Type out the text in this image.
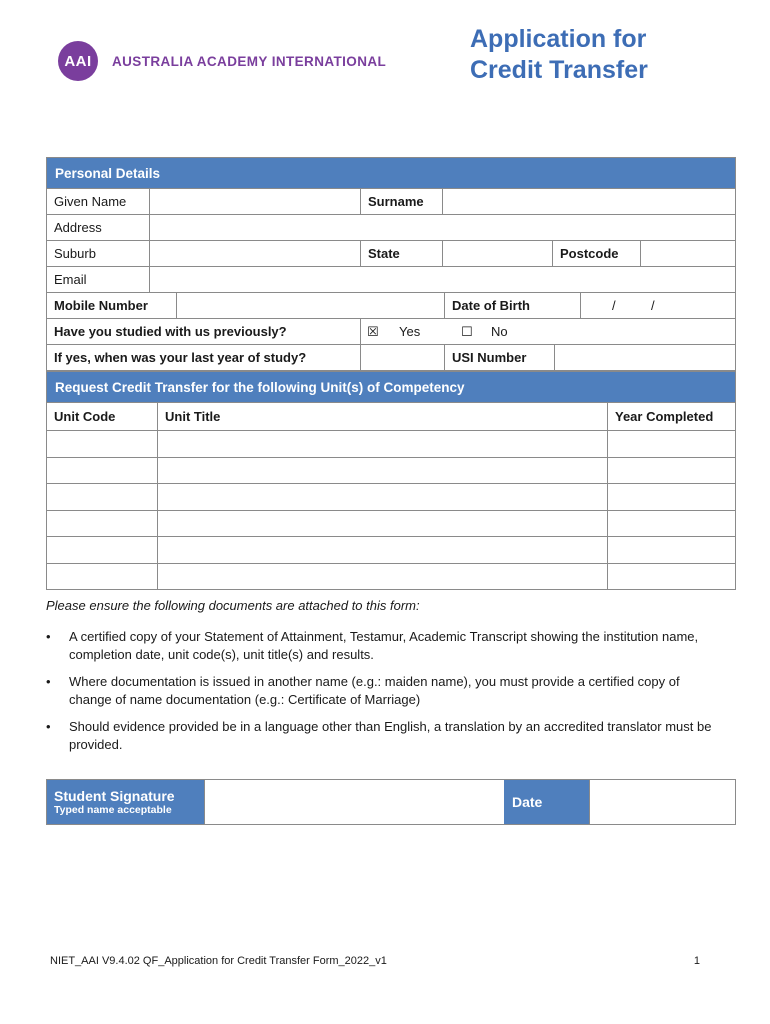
AAI	AUSTRALIA ACADEMY INTERNATIONAL
Application for
Credit Transfer
Personal Details
Given Name	Surname
Address
Suburb	State	Postcode
Email
Mobile Number	Date of Birth	/	/
Have you studied with us previously?	☒ Yes	☐ No
If yes, when was your last year of study?	USI Number
Request Credit Transfer for the following Unit(s) of Competency
Unit Code	Unit Title	Year Completed

Please ensure the following documents are attached to this form:

• A certified copy of your Statement of Attainment, Testamur, Academic Transcript showing the institution name, completion date, unit code(s), unit title(s) and results.
• Where documentation is issued in another name (e.g.: maiden name), you must provide a certified copy of change of name documentation (e.g.: Certificate of Marriage)
• Should evidence provided be in a language other than English, a translation by an accredited translator must be provided.
Student Signature
Typed name acceptable	Date
NIET_AAI V9.4.02 QF_Application for Credit Transfer Form_2022_v1	1
